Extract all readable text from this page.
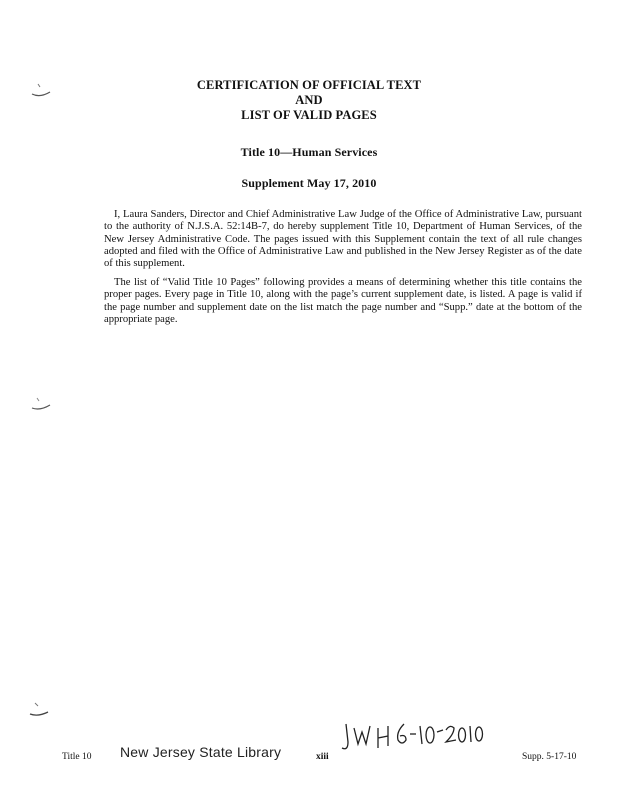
CERTIFICATION OF OFFICIAL TEXT
AND
LIST OF VALID PAGES
Title 10—Human Services
Supplement May 17, 2010

I, Laura Sanders, Director and Chief Administrative Law Judge of the Office of Administrative Law, pursuant to the authority of N.J.S.A. 52:14B-7, do hereby supplement Title 10, Department of Human Services, of the New Jersey Administrative Code. The pages issued with this Supplement contain the text of all rule changes adopted and filed with the Office of Administrative Law and published in the New Jersey Register as of the date of this supplement.

The list of “Valid Title 10 Pages” following provides a means of determining whether this title contains the proper pages. Every page in Title 10, along with the page’s current supplement date, is listed. A page is valid if the page number and supplement date on the list match the page number and “Supp.” date at the bottom of the appropriate page.

Title 10 New Jersey State Library	xiii	Supp. 5-17-10
